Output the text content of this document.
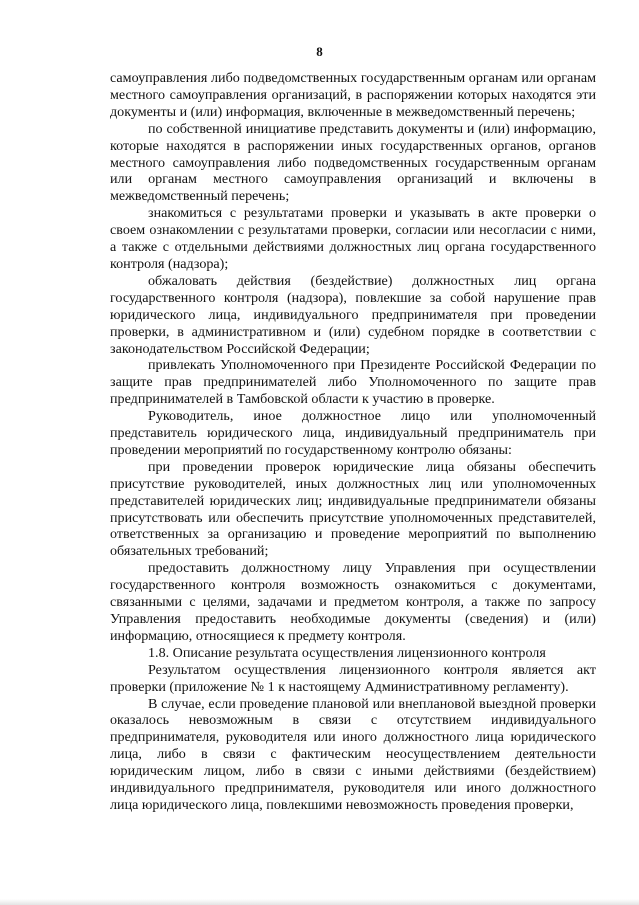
8

самоуправления либо подведомственных государственным органам или органам местного самоуправления организаций, в распоряжении которых находятся эти документы и (или) информация, включенные в межведомственный перечень;

по собственной инициативе представить документы и (или) информацию, которые находятся в распоряжении иных государственных органов, органов местного самоуправления либо подведомственных государственным органам или органам местного самоуправления организаций и включены в межведомственный перечень;

знакомиться с результатами проверки и указывать в акте проверки о своем ознакомлении с результатами проверки, согласии или несогласии с ними, а также с отдельными действиями должностных лиц органа государственного контроля (надзора);

обжаловать действия (бездействие) должностных лиц органа государственного контроля (надзора), повлекшие за собой нарушение прав юридического лица, индивидуального предпринимателя при проведении проверки, в административном и (или) судебном порядке в соответствии с законодательством Российской Федерации;

привлекать Уполномоченного при Президенте Российской Федерации по защите прав предпринимателей либо Уполномоченного по защите прав предпринимателей в Тамбовской области к участию в проверке.

Руководитель, иное должностное лицо или уполномоченный представитель юридического лица, индивидуальный предприниматель при проведении мероприятий по государственному контролю обязаны:

при проведении проверок юридические лица обязаны обеспечить присутствие руководителей, иных должностных лиц или уполномоченных представителей юридических лиц; индивидуальные предприниматели обязаны присутствовать или обеспечить присутствие уполномоченных представителей, ответственных за организацию и проведение мероприятий по выполнению обязательных требований;

предоставить должностному лицу Управления при осуществлении государственного контроля возможность ознакомиться с документами, связанными с целями, задачами и предметом контроля, а также по запросу Управления предоставить необходимые документы (сведения) и (или) информацию, относящиеся к предмету контроля.

1.8. Описание результата осуществления лицензионного контроля

Результатом осуществления лицензионного контроля является акт проверки (приложение № 1 к настоящему Административному регламенту).

В случае, если проведение плановой или внеплановой выездной проверки оказалось невозможным в связи с отсутствием индивидуального предпринимателя, руководителя или иного должностного лица юридического лица, либо в связи с фактическим неосуществлением деятельности юридическим лицом, либо в связи с иными действиями (бездействием) индивидуального предпринимателя, руководителя или иного должностного лица юридического лица, повлекшими невозможность проведения проверки,
